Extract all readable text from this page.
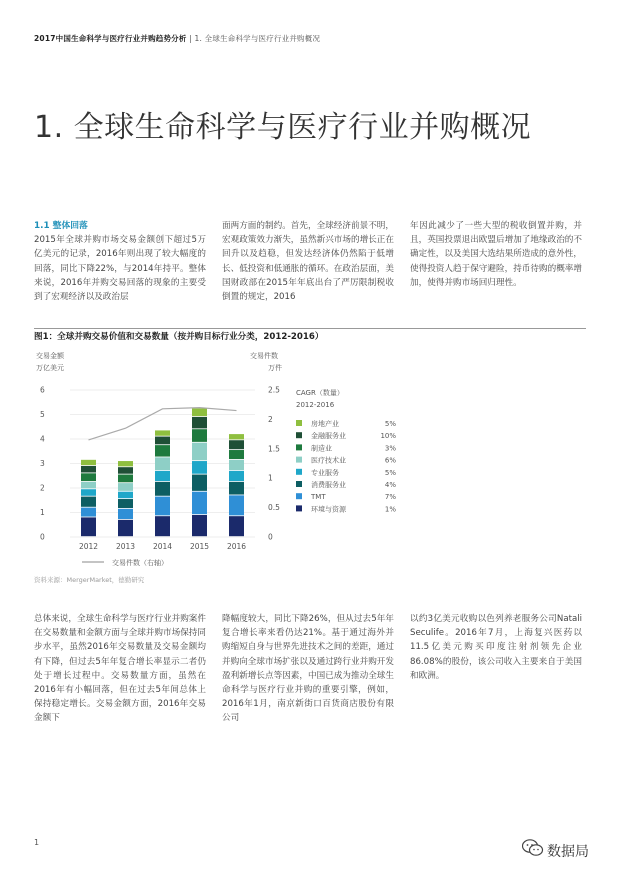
2017中国生命科学与医疗行业并购趋势分析 | 1. 全球生命科学与医疗行业并购概况
1. 全球生命科学与医疗行业并购概况
1.1 整体回落

2015年全球并购市场交易金额创下超过5万亿美元的记录，2016年则出现了较大幅度的回落，同比下降22%，与2014年持平。整体来说，2016年并购交易回落的现象的主要受到了宏观经济以及政治层

面两方面的制约。首先，全球经济前景不明，宏观政策效力渐失，虽然新兴市场的增长正在回升以及趋稳，但发达经济体仍然陷于低增长、低投资和低通胀的循环。在政治层面，美国财政部在2015年年底出台了严厉限制税收倒置的规定，2016

年因此减少了一些大型的税收倒置并购，并且，英国投票退出欧盟后增加了地缘政治的不确定性，以及美国大选结果所造成的意外性，使得投资人趋于保守避险，持币待购的概率增加，使得并购市场回归理性。

图1：全球并购交易价值和交易数量（按并购目标行业分类，2012-2016）
交易金额
万亿美元
交易件数
万件
CAGR（数量）
2012-2016
0
1
2
3
4
5
6
0
0.5
1
1.5
2
2.5
2012 2013 2014 2015 2016
房地产业	5%
金融服务业	10%
制造业	3%
医疗技术业	6%
专业服务	5%
消费服务业	4%
TMT	7%
环境与资源	1%
交易件数（右轴）
资料来源：MergerMarket，德勤研究

总体来说，全球生命科学与医疗行业并购案件在交易数量和金额方面与全球并购市场保持同步水平，虽然2016年交易数量及交易金额均有下降，但过去5年年复合增长率显示二者仍处于增长过程中。交易数量方面，虽然在2016年有小幅回落，但在过去5年间总体上保持稳定增长。交易金额方面，2016年交易金额下

降幅度较大，同比下降26%，但从过去5年年复合增长率来看仍达21%。基于通过海外并购缩短自身与世界先进技术之间的差距，通过并购向全球市场扩张以及通过跨行业并购开发盈利新增长点等因素，中国已成为推动全球生命科学与医疗行业并购的重要引擎，例如，2016年1月，南京新街口百货商店股份有限公司

以约3亿美元收购以色列养老服务公司Natali Seculife。2016年7月，上海复兴医药以11.5亿美元购买印度注射剂领先企业86.08%的股份，该公司收入主要来自于美国和欧洲。

1
数据局
